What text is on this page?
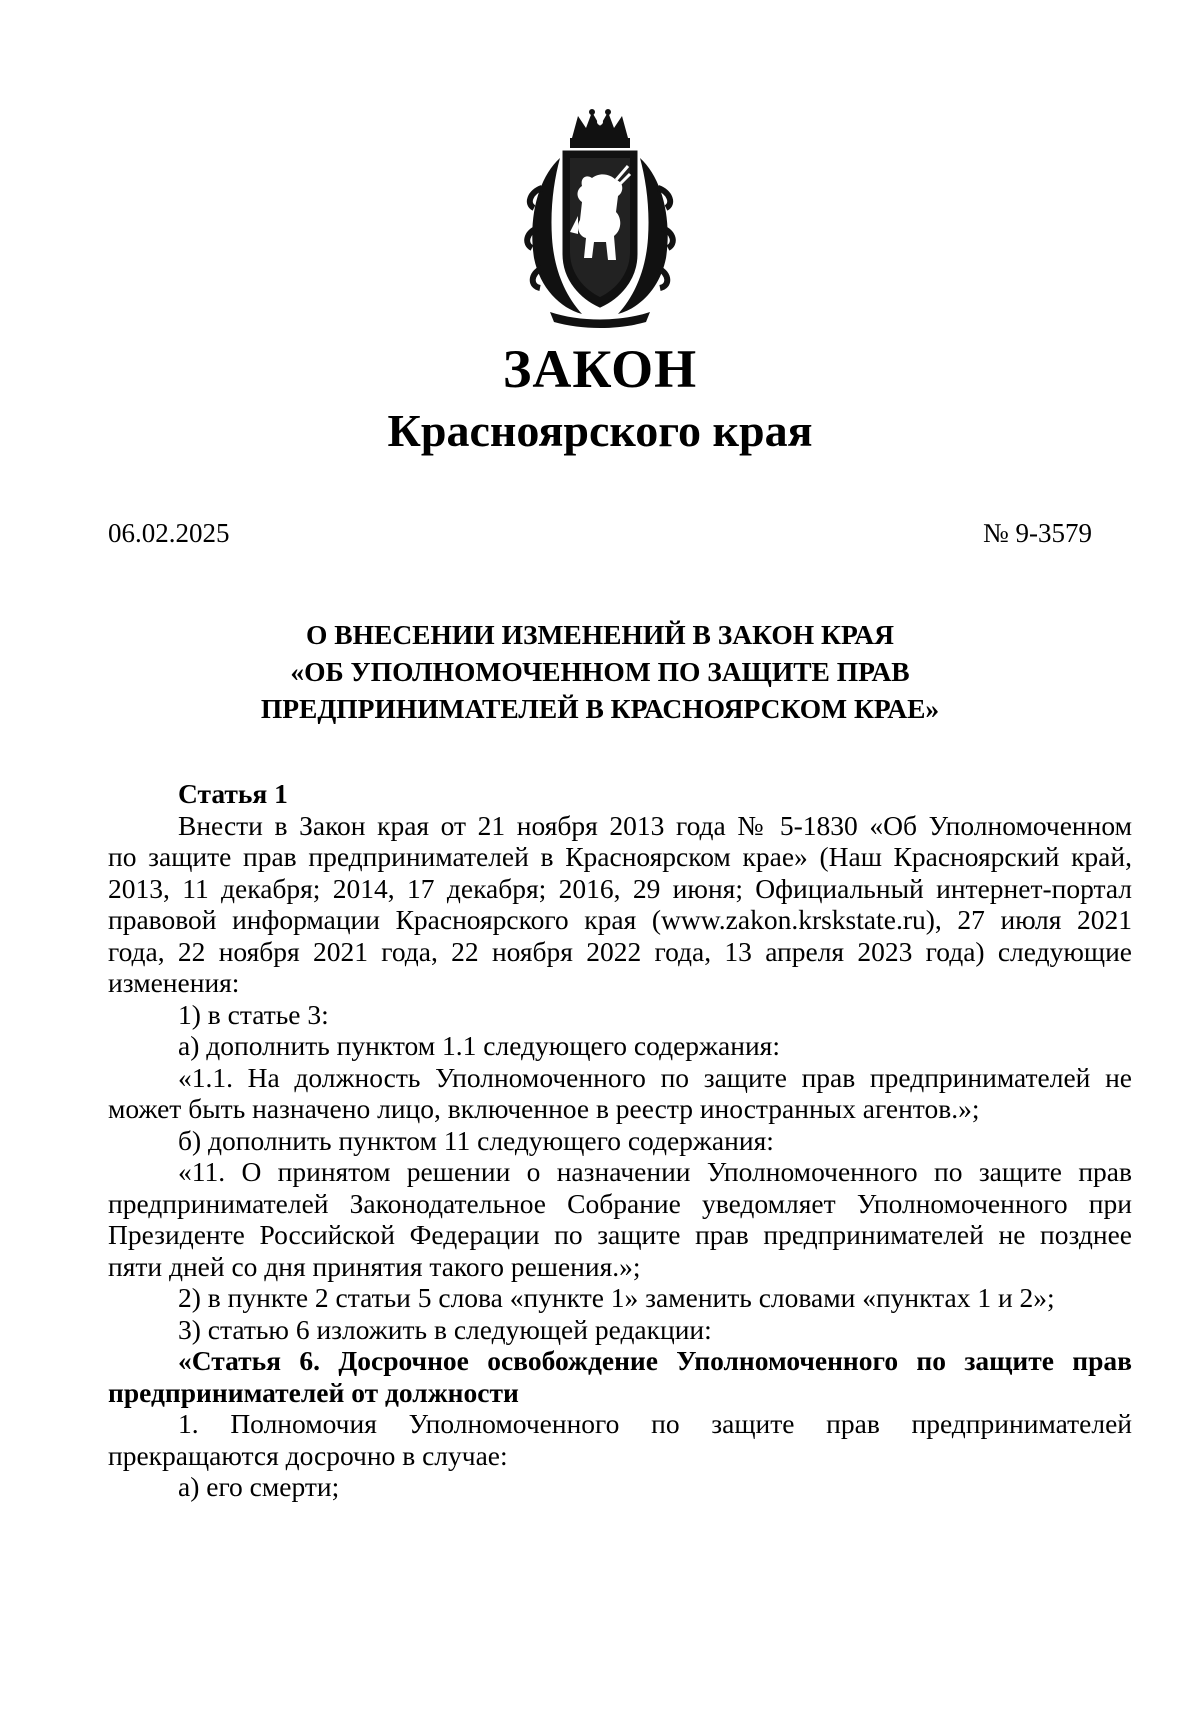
ЗАКОН
Красноярского края
06.02.2025	№ 9-3579
О ВНЕСЕНИИ ИЗМЕНЕНИЙ В ЗАКОН КРАЯ
«ОБ УПОЛНОМОЧЕННОМ ПО ЗАЩИТЕ ПРАВ
ПРЕДПРИНИМАТЕЛЕЙ В КРАСНОЯРСКОМ КРАЕ»
Статья 1
Внести в Закон края от 21 ноября 2013 года № 5-1830 «Об Уполномоченном
по защите прав предпринимателей в Красноярском крае» (Наш Красноярский край,
2013, 11 декабря; 2014, 17 декабря; 2016, 29 июня; Официальный интернет-портал
правовой информации Красноярского края (www.zakon.krskstate.ru), 27 июля 2021
года, 22 ноября 2021 года, 22 ноября 2022 года, 13 апреля 2023 года) следующие
изменения:
1) в статье 3:
а) дополнить пунктом 1.1 следующего содержания:
«1.1. На должность Уполномоченного по защите прав предпринимателей не
может быть назначено лицо, включенное в реестр иностранных агентов.»;
б) дополнить пунктом 11 следующего содержания:
«11. О принятом решении о назначении Уполномоченного по защите прав
предпринимателей Законодательное Собрание уведомляет Уполномоченного при
Президенте Российской Федерации по защите прав предпринимателей не позднее
пяти дней со дня принятия такого решения.»;
2) в пункте 2 статьи 5 слова «пункте 1» заменить словами «пунктах 1 и 2»;
3) статью 6 изложить в следующей редакции:
«Статья 6. Досрочное освобождение Уполномоченного по защите прав
предпринимателей от должности
1. Полномочия Уполномоченного по защите прав предпринимателей
прекращаются досрочно в случае:
а) его смерти;
